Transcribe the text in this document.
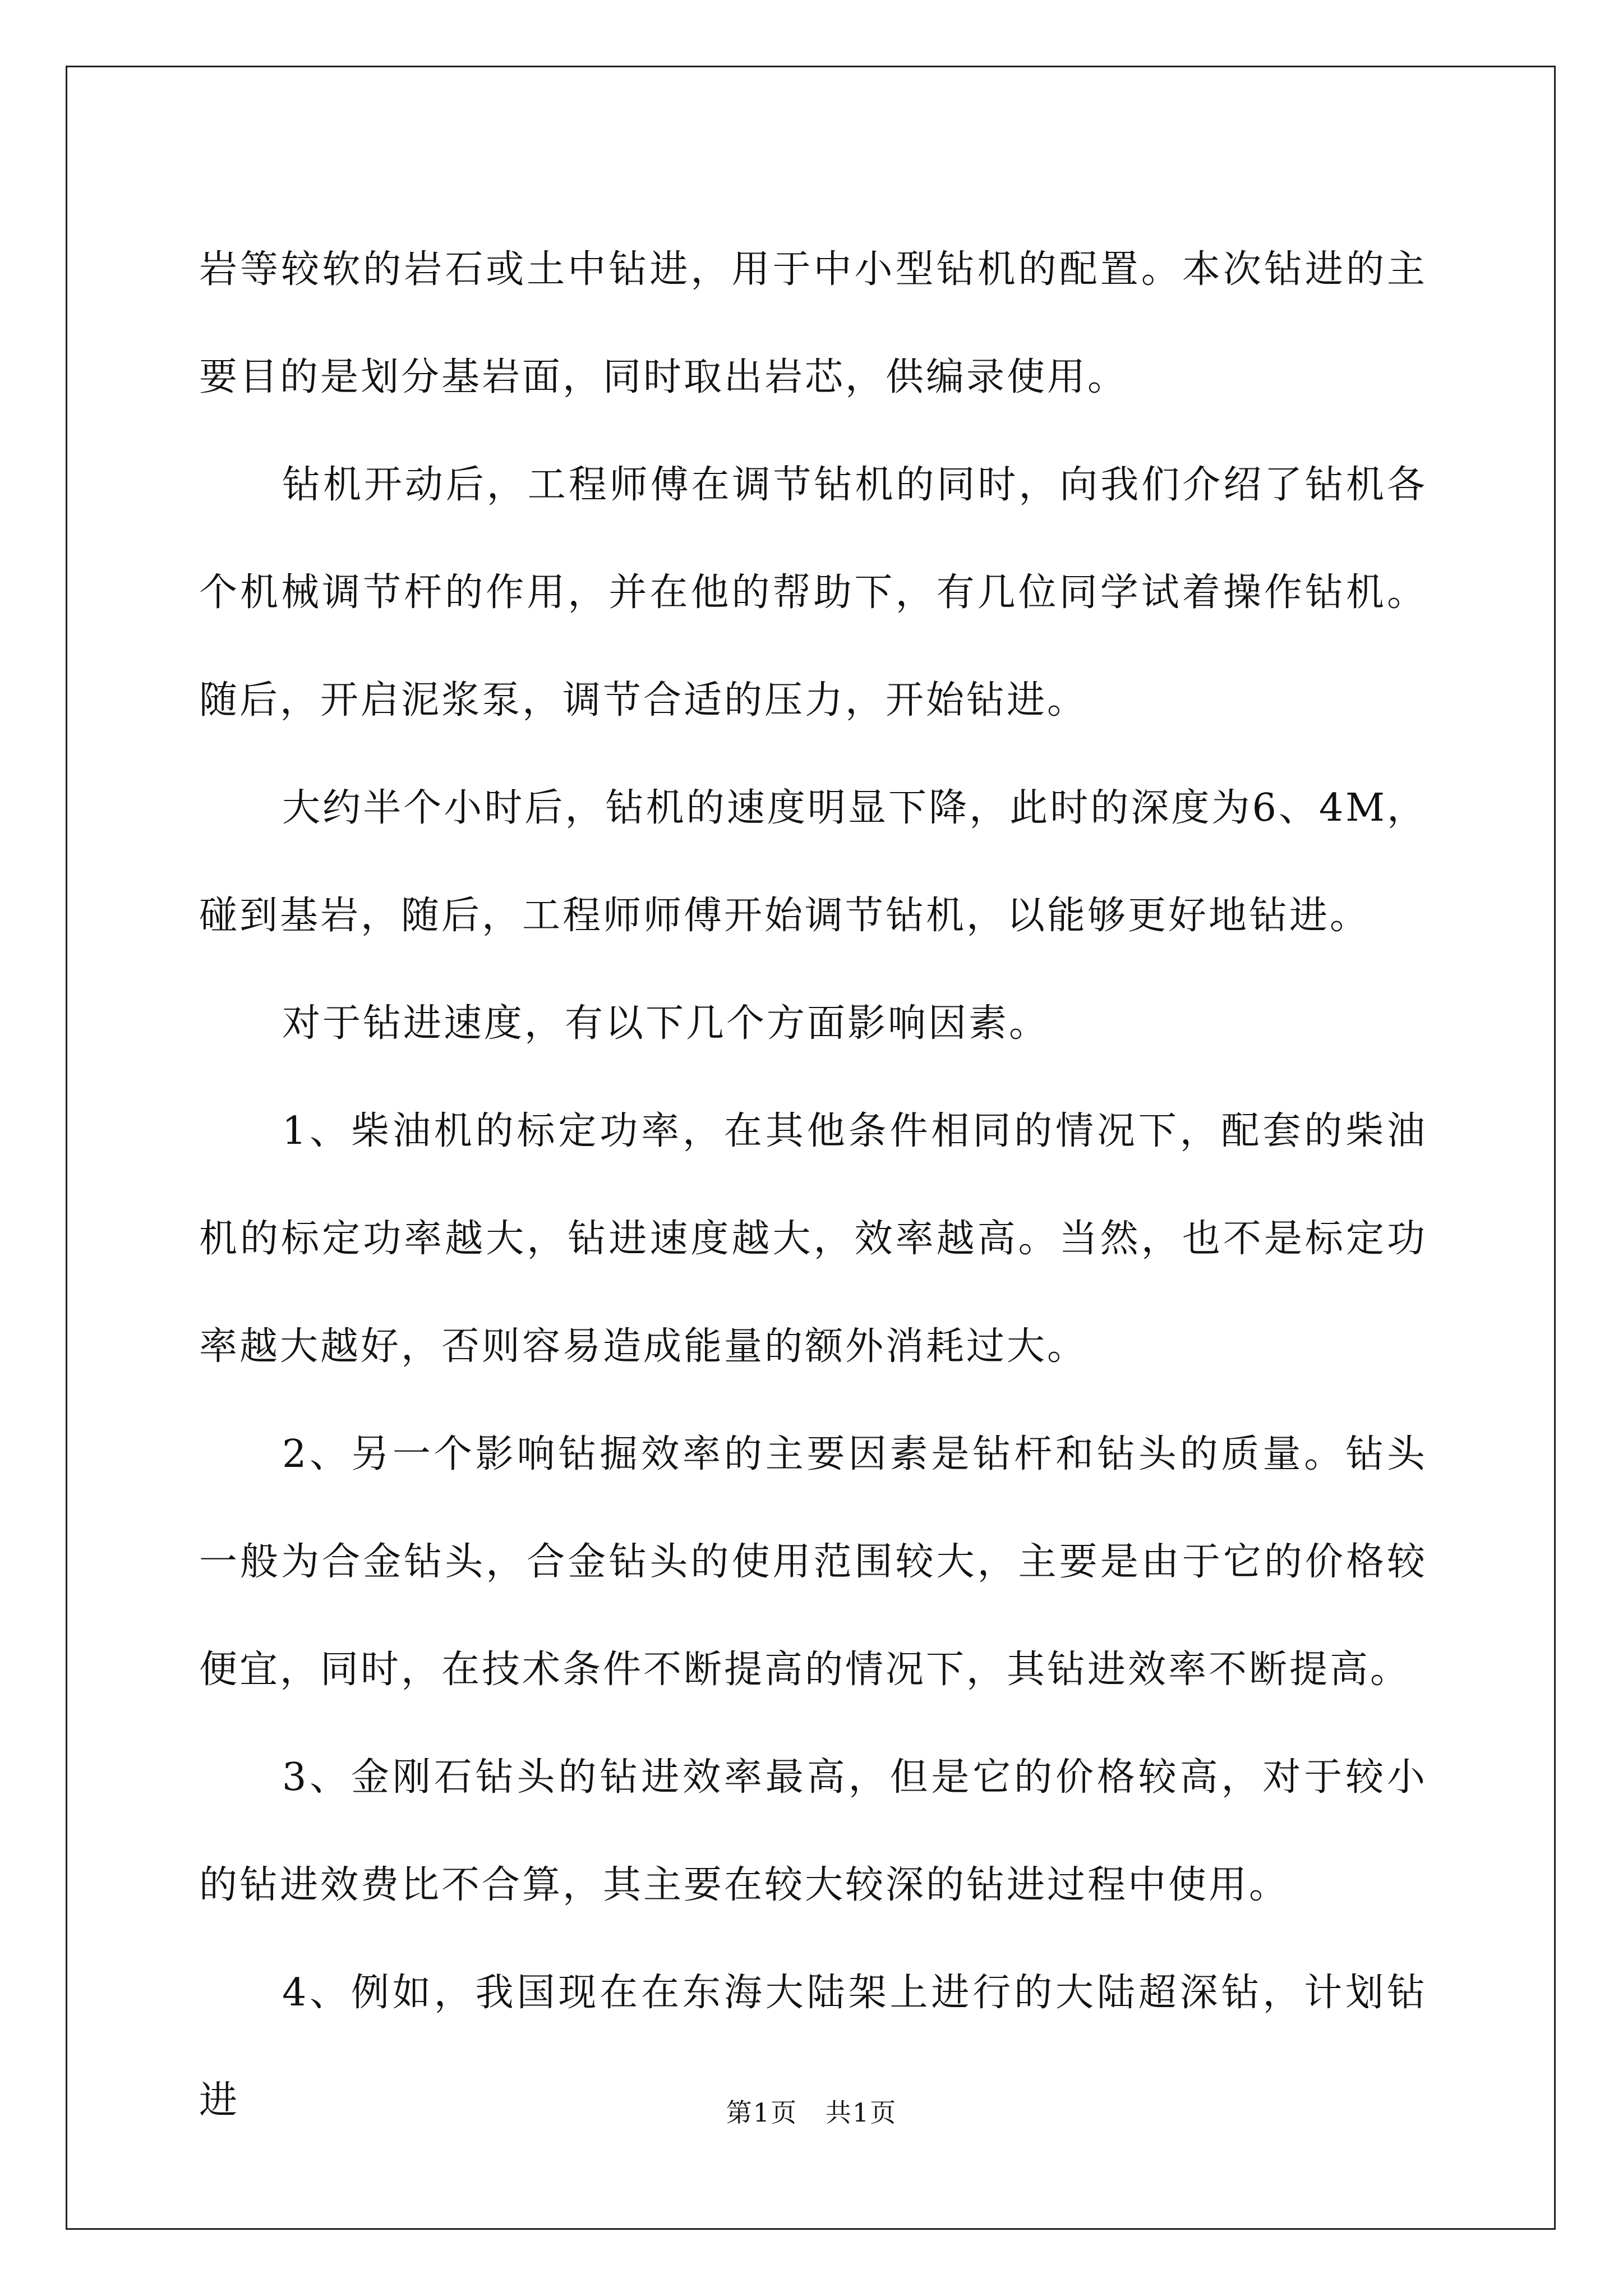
岩等较软的岩石或土中钻进，用于中小型钻机的配置。本次钻进的主要目的是划分基岩面，同时取出岩芯，供编录使用。

钻机开动后，工程师傅在调节钻机的同时，向我们介绍了钻机各个机械调节杆的作用，并在他的帮助下，有几位同学试着操作钻机。随后，开启泥浆泵，调节合适的压力，开始钻进。

大约半个小时后，钻机的速度明显下降，此时的深度为6、4M，碰到基岩，随后，工程师师傅开始调节钻机，以能够更好地钻进。

对于钻进速度，有以下几个方面影响因素。

1、柴油机的标定功率，在其他条件相同的情况下，配套的柴油机的标定功率越大，钻进速度越大，效率越高。当然，也不是标定功率越大越好，否则容易造成能量的额外消耗过大。

2、另一个影响钻掘效率的主要因素是钻杆和钻头的质量。钻头一般为合金钻头，合金钻头的使用范围较大，主要是由于它的价格较便宜，同时，在技术条件不断提高的情况下，其钻进效率不断提高。

3、金刚石钻头的钻进效率最高，但是它的价格较高，对于较小的钻进效费比不合算，其主要在较大较深的钻进过程中使用。

4、例如，我国现在在东海大陆架上进行的大陆超深钻，计划钻进	第1页   共1页
